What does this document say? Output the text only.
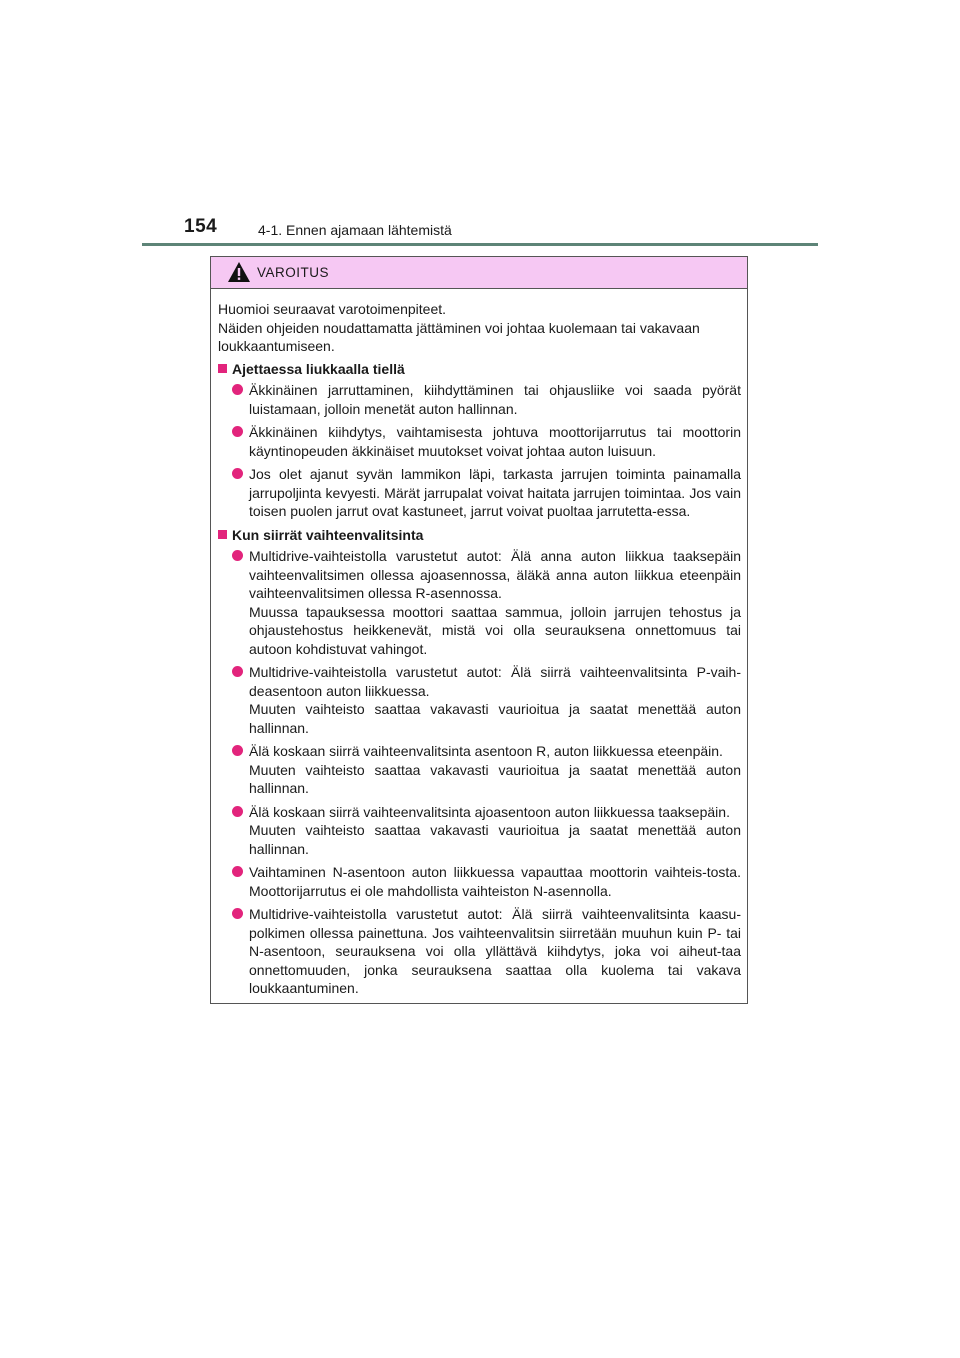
154	4-1. Ennen ajamaan lähtemistä
VAROITUS

Huomioi seuraavat varotoimenpiteet.

Näiden ohjeiden noudattamatta jättäminen voi johtaa kuolemaan tai vakavaan loukkaantumiseen.

Ajettaessa liukkaalla tiellä

Äkkinäinen jarruttaminen, kiihdyttäminen tai ohjausliike voi saada pyörät luistamaan, jolloin menetät auton hallinnan.

Äkkinäinen kiihdytys, vaihtamisesta johtuva moottorijarrutus tai moottorin käyntinopeuden äkkinäiset muutokset voivat johtaa auton luisuun.

Jos olet ajanut syvän lammikon läpi, tarkasta jarrujen toiminta painamalla jarrupoljinta kevyesti. Märät jarrupalat voivat haitata jarrujen toimintaa. Jos vain toisen puolen jarrut ovat kastuneet, jarrut voivat puoltaa jarrutetta-essa.

Kun siirrät vaihteenvalitsinta

Multidrive-vaihteistolla varustetut autot: Älä anna auton liikkua taaksepäin vaihteenvalitsimen ollessa ajoasennossa, äläkä anna auton liikkua eteenpäin vaihteenvalitsimen ollessa R-asennossa.

Muussa tapauksessa moottori saattaa sammua, jolloin jarrujen tehostus ja ohjaustehostus heikkenevät, mistä voi olla seurauksena onnettomuus tai autoon kohdistuvat vahingot.

Multidrive-vaihteistolla varustetut autot: Älä siirrä vaihteenvalitsinta P-vaih-deasentoon auton liikkuessa.

Muuten vaihteisto saattaa vakavasti vaurioitua ja saatat menettää auton hallinnan.

Älä koskaan siirrä vaihteenvalitsinta asentoon R, auton liikkuessa eteenpäin.

Muuten vaihteisto saattaa vakavasti vaurioitua ja saatat menettää auton hallinnan.

Älä koskaan siirrä vaihteenvalitsinta ajoasentoon auton liikkuessa taaksepäin.

Muuten vaihteisto saattaa vakavasti vaurioitua ja saatat menettää auton hallinnan.

Vaihtaminen N-asentoon auton liikkuessa vapauttaa moottorin vaihteis-tosta. Moottorijarrutus ei ole mahdollista vaihteiston N-asennolla.

Multidrive-vaihteistolla varustetut autot: Älä siirrä vaihteenvalitsinta kaasu-polkimen ollessa painettuna. Jos vaihteenvalitsin siirretään muuhun kuin P- tai N-asentoon, seurauksena voi olla yllättävä kiihdytys, joka voi aiheut-taa onnettomuuden, jonka seurauksena saattaa olla kuolema tai vakava loukkaantuminen.
